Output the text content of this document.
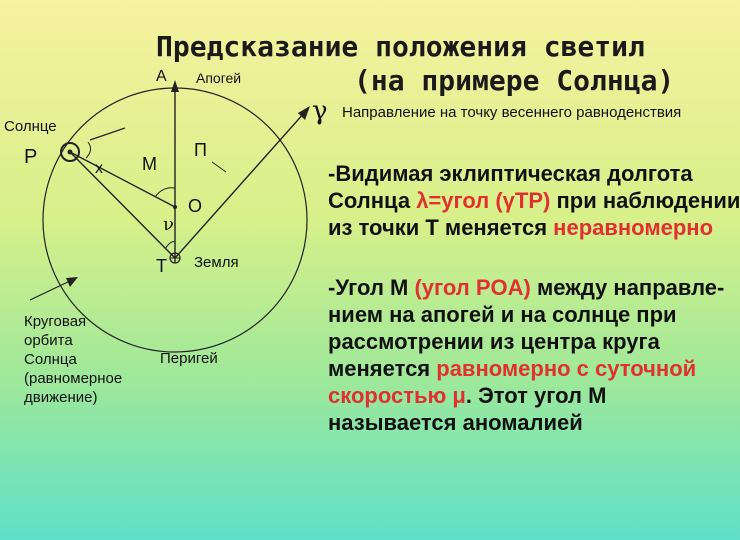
Предсказание положения светил
(на примере Солнца)
А Апогей
γ Направление на точку весеннего равноденствия
Солнце
P
x M
П
O
ν
T Земля
Перигей
Круговая
орбита
Солнца
(равномерное
движение)
-Видимая эклиптическая долгота
Солнца λ=угол (γTP) при наблюдении
из точки Т меняется неравномерно
-Угол М (угол POA) между направле-
нием на апогей и на солнце при
рассмотрении из центра круга
меняется равномерно с суточной
скоростью μ. Этот угол М
называется аномалией
